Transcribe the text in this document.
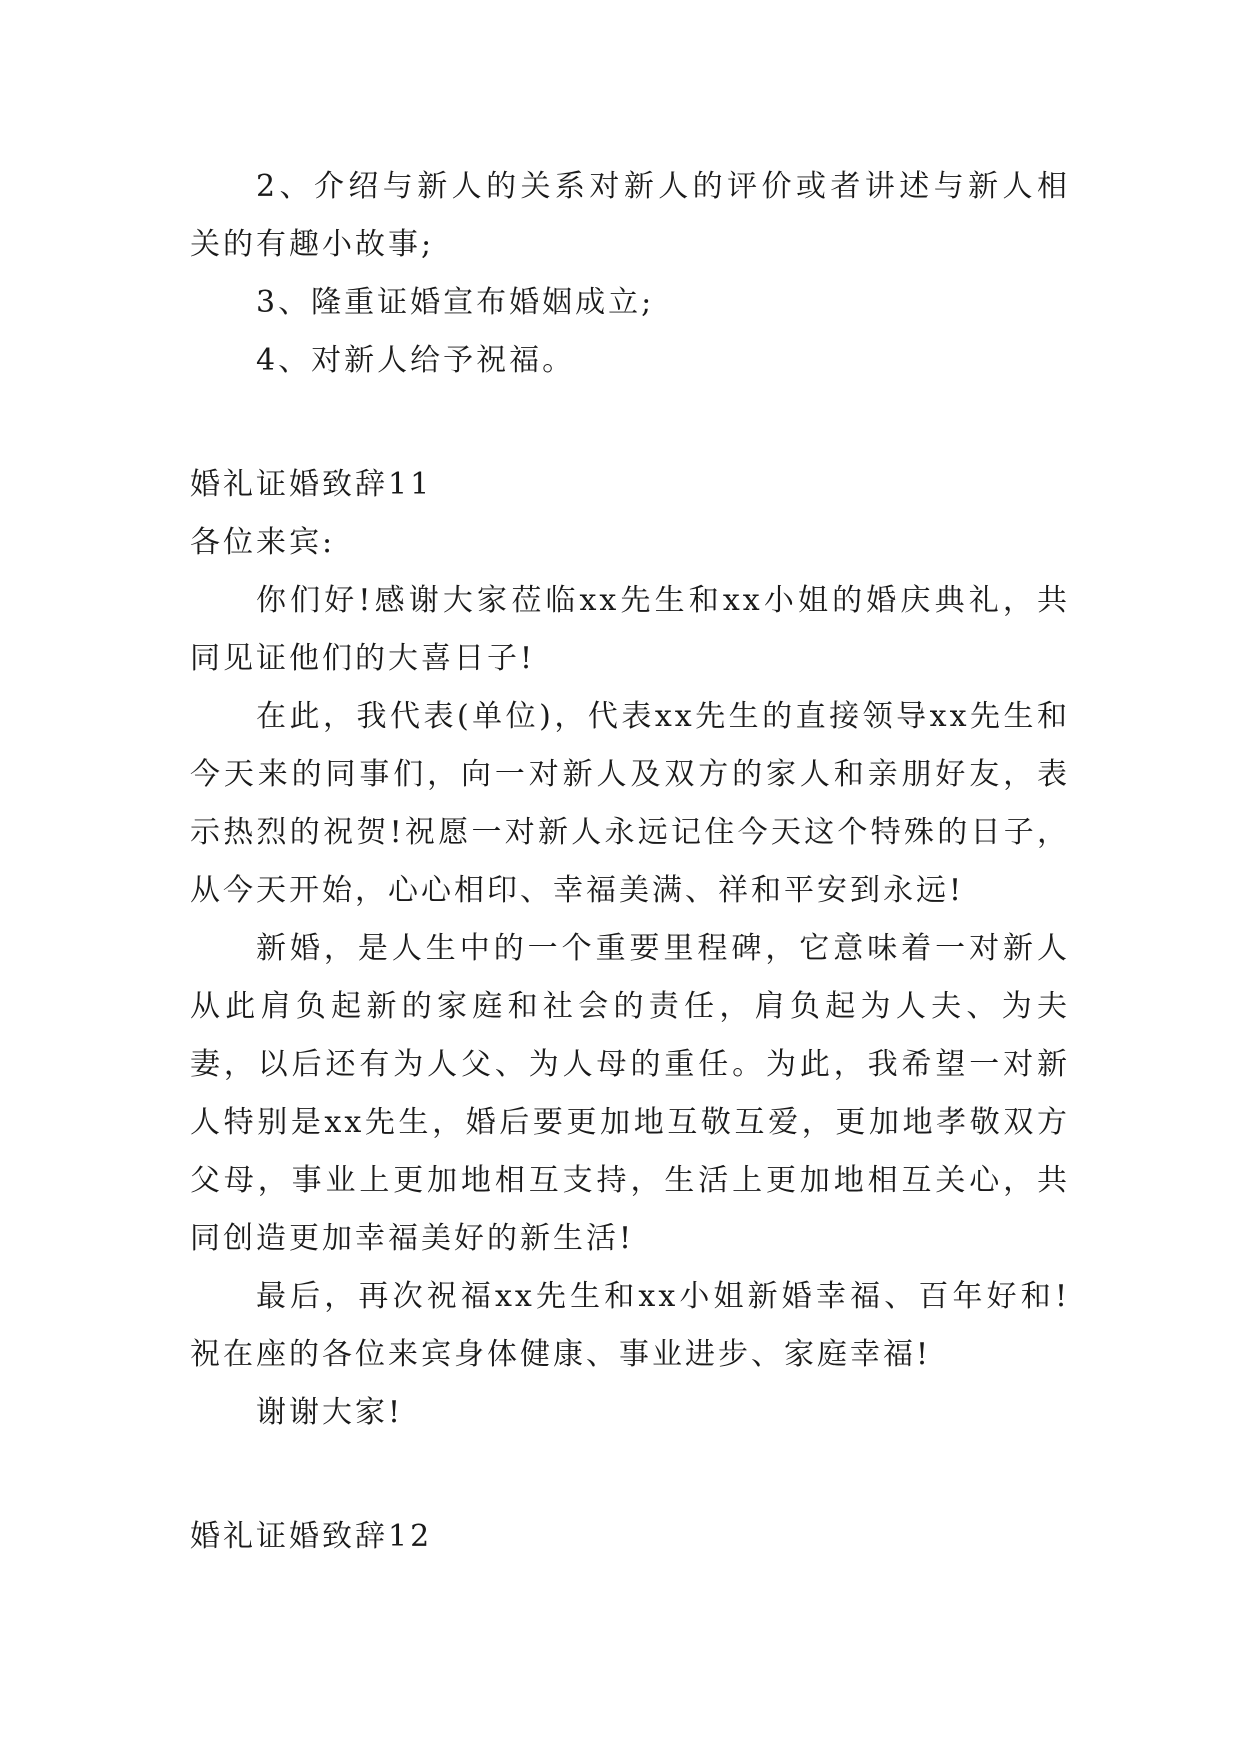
2、介绍与新人的关系对新人的评价或者讲述与新人相关的有趣小故事;

3、隆重证婚宣布婚姻成立;

4、对新人给予祝福。

婚礼证婚致辞11

各位来宾:

你们好!感谢大家莅临xx先生和xx小姐的婚庆典礼，共同见证他们的大喜日子!

在此，我代表(单位)，代表xx先生的直接领导xx先生和今天来的同事们，向一对新人及双方的家人和亲朋好友，表示热烈的祝贺!祝愿一对新人永远记住今天这个特殊的日子，从今天开始，心心相印、幸福美满、祥和平安到永远!

新婚，是人生中的一个重要里程碑，它意味着一对新人从此肩负起新的家庭和社会的责任，肩负起为人夫、为夫妻，以后还有为人父、为人母的重任。为此，我希望一对新人特别是xx先生，婚后要更加地互敬互爱，更加地孝敬双方父母，事业上更加地相互支持，生活上更加地相互关心，共同创造更加幸福美好的新生活!

最后，再次祝福xx先生和xx小姐新婚幸福、百年好和!祝在座的各位来宾身体健康、事业进步、家庭幸福!

谢谢大家!

婚礼证婚致辞12
